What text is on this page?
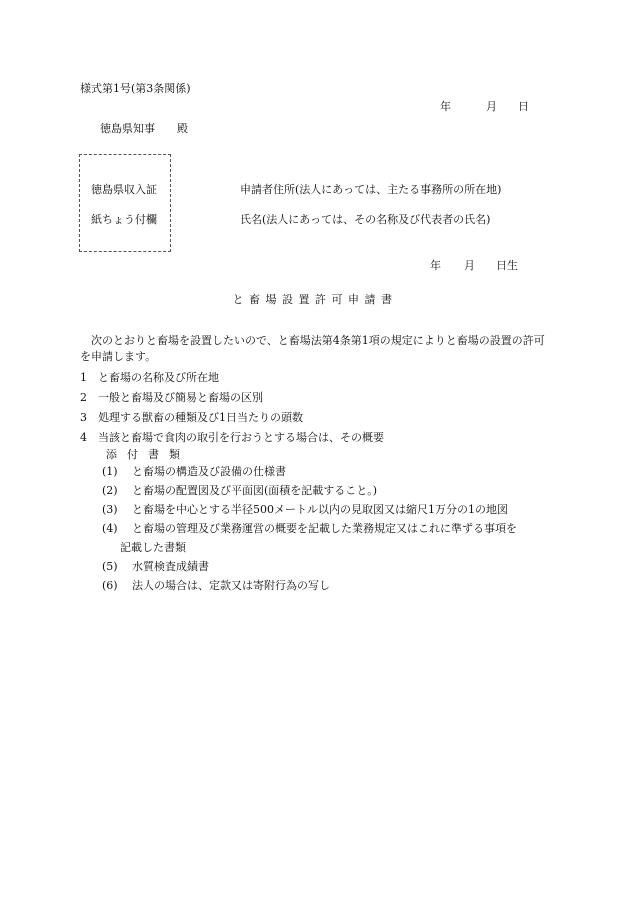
様式第1号(第3条関係)
年	月 日
徳島県知事　　殿
徳島県収入証
紙ちょう付欄
申請者住所(法人にあっては、主たる事務所の所在地)
氏名(法人にあっては、その名称及び代表者の氏名)
年 月 日生
と畜場設置許可申請書
次のとおりと畜場を設置したいので、と畜場法第4条第1項の規定によりと畜場の設置の許可を申請します。
1 と畜場の名称及び所在地
2 一般と畜場及び簡易と畜場の区別
3 処理する獣畜の種類及び1日当たりの頭数
4 当該と畜場で食肉の取引を行おうとする場合は、その概要
添付書類
(1) と畜場の構造及び設備の仕様書
(2) と畜場の配置図及び平面図(面積を記載すること。)
(3) と畜場を中心とする半径500メートル以内の見取図又は縮尺1万分の1の地図
(4) と畜場の管理及び業務運営の概要を記載した業務規定又はこれに準ずる事項を
記載した書類
(5) 水質検査成績書
(6) 法人の場合は、定款又は寄附行為の写し
